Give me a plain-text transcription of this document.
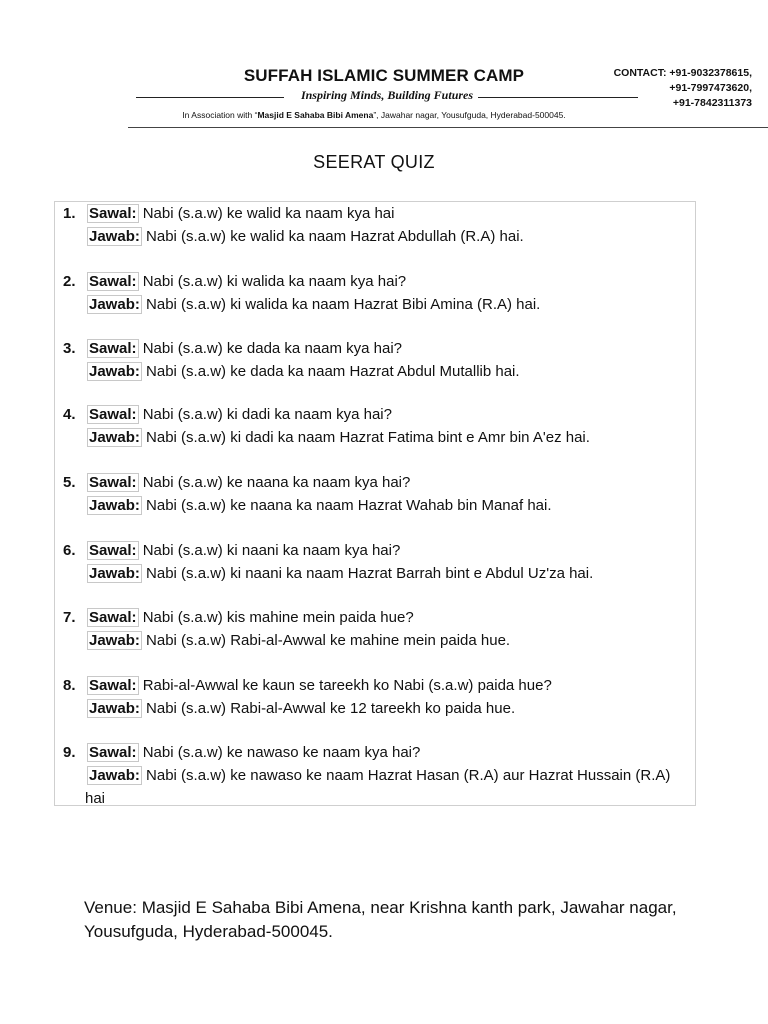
SUFFAH ISLAMIC SUMMER CAMP
Inspiring Minds, Building Futures
In Association with “Masjid E Sahaba Bibi Amena”, Jawahar nagar, Yousufguda, Hyderabad-500045.
CONTACT: +91-9032378615,
+91-7997473620,
+91-7842311373
SEERAT QUIZ
1. Sawal: Nabi (s.a.w) ke walid ka naam kya hai
Jawab: Nabi (s.a.w) ke walid ka naam Hazrat Abdullah (R.A) hai.
2. Sawal: Nabi (s.a.w) ki walida ka naam kya hai?
Jawab: Nabi (s.a.w) ki walida ka naam Hazrat Bibi Amina (R.A) hai.
3. Sawal: Nabi (s.a.w) ke dada ka naam kya hai?
Jawab: Nabi (s.a.w) ke dada ka naam Hazrat Abdul Mutallib hai.
4. Sawal: Nabi (s.a.w) ki dadi ka naam kya hai?
Jawab: Nabi (s.a.w) ki dadi ka naam Hazrat Fatima bint e Amr bin A'ez hai.
5. Sawal: Nabi (s.a.w) ke naana ka naam kya hai?
Jawab: Nabi (s.a.w) ke naana ka naam Hazrat Wahab bin Manaf hai.
6. Sawal: Nabi (s.a.w) ki naani ka naam kya hai?
Jawab: Nabi (s.a.w) ki naani ka naam Hazrat Barrah bint e Abdul Uz'za hai.
7. Sawal: Nabi (s.a.w) kis mahine mein paida hue?
Jawab: Nabi (s.a.w) Rabi-al-Awwal ke mahine mein paida hue.
8. Sawal: Rabi-al-Awwal ke kaun se tareekh ko Nabi (s.a.w) paida hue?
Jawab: Nabi (s.a.w) Rabi-al-Awwal ke 12 tareekh ko paida hue.
9. Sawal: Nabi (s.a.w) ke nawaso ke naam kya hai?
Jawab: Nabi (s.a.w) ke nawaso ke naam Hazrat Hasan (R.A) aur Hazrat Hussain (R.A)
hai
Venue: Masjid E Sahaba Bibi Amena, near Krishna kanth park, Jawahar nagar,
Yousufguda, Hyderabad-500045.
